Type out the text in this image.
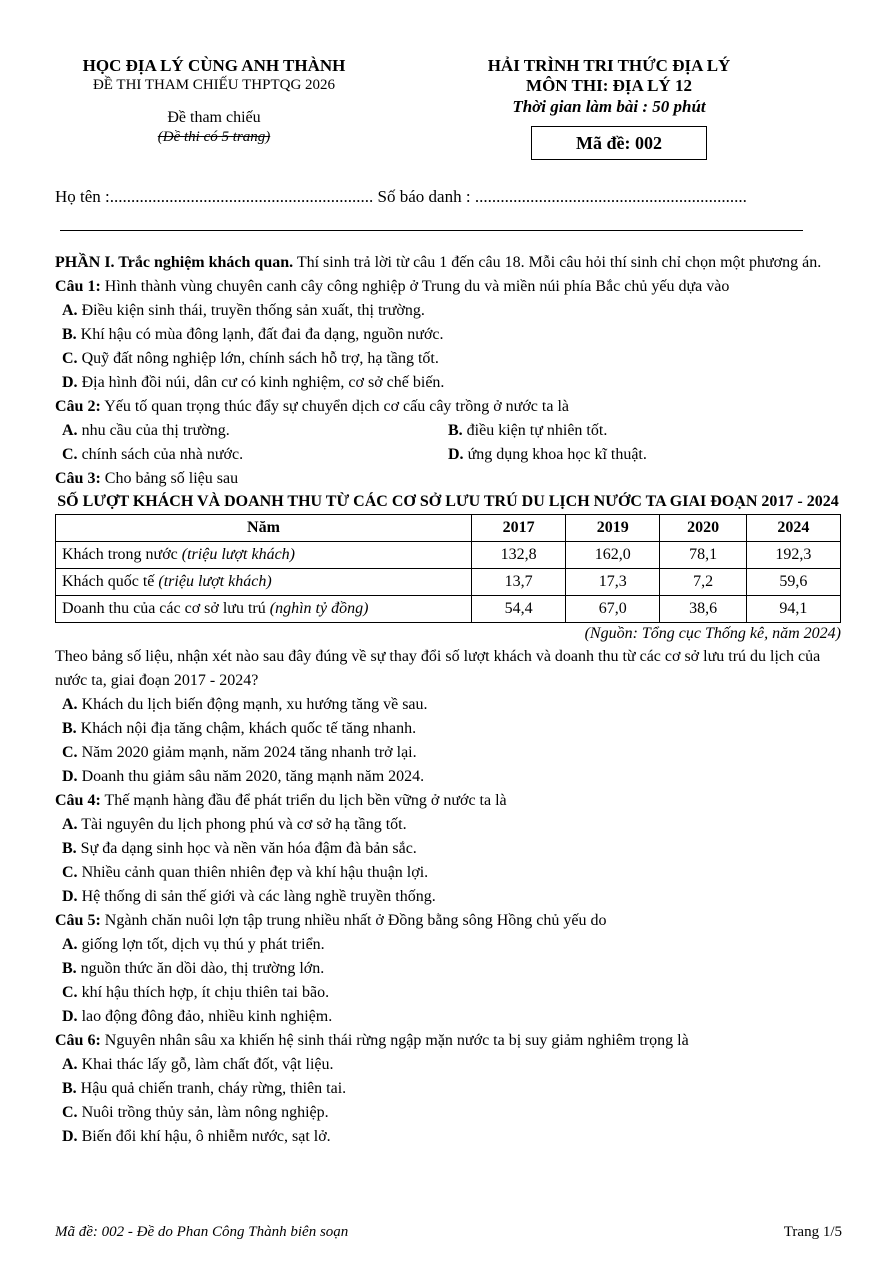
HỌC ĐỊA LÝ CÙNG ANH THÀNH
ĐỀ THI THAM CHIẾU THPTQG 2026
Đề tham chiếu
(Đề thi có 5 trang)
HẢI TRÌNH TRI THỨC ĐỊA LÝ
MÔN THI: ĐỊA LÝ 12
Thời gian làm bài : 50 phút
Mã đề: 002
Họ tên :.............................................................. Số báo danh : ................................................................

PHẦN I. Trắc nghiệm khách quan. Thí sinh trả lời từ câu 1 đến câu 18. Mỗi câu hỏi thí sinh chỉ chọn một phương án.

Câu 1: Hình thành vùng chuyên canh cây công nghiệp ở Trung du và miền núi phía Bắc chủ yếu dựa vào

A. Điều kiện sinh thái, truyền thống sản xuất, thị trường.
B. Khí hậu có mùa đông lạnh, đất đai đa dạng, nguồn nước.
C. Quỹ đất nông nghiệp lớn, chính sách hỗ trợ, hạ tầng tốt.
D. Địa hình đồi núi, dân cư có kinh nghiệm, cơ sở chế biến.

Câu 2: Yếu tố quan trọng thúc đẩy sự chuyển dịch cơ cấu cây trồng ở nước ta là

A. nhu cầu của thị trường.	B. điều kiện tự nhiên tốt.
C. chính sách của nhà nước.	D. ứng dụng khoa học kĩ thuật.

Câu 3: Cho bảng số liệu sau

SỐ LƯỢT KHÁCH VÀ DOANH THU TỪ CÁC CƠ SỞ LƯU TRÚ DU LỊCH NƯỚC TA GIAI ĐOẠN 2017 - 2024
Năm	2017	2019	2020	2024
Khách trong nước (triệu lượt khách)	132,8	162,0	78,1	192,3
Khách quốc tế (triệu lượt khách)	13,7	17,3	7,2	59,6
Doanh thu của các cơ sở lưu trú (nghìn tỷ đồng)	54,4	67,0	38,6	94,1
(Nguồn: Tổng cục Thống kê, năm 2024)

Theo bảng số liệu, nhận xét nào sau đây đúng về sự thay đổi số lượt khách và doanh thu từ các cơ sở lưu trú du lịch của nước ta, giai đoạn 2017 - 2024?

A. Khách du lịch biến động mạnh, xu hướng tăng về sau.
B. Khách nội địa tăng chậm, khách quốc tế tăng nhanh.
C. Năm 2020 giảm mạnh, năm 2024 tăng nhanh trở lại.
D. Doanh thu giảm sâu năm 2020, tăng mạnh năm 2024.

Câu 4: Thế mạnh hàng đầu để phát triển du lịch bền vững ở nước ta là

A. Tài nguyên du lịch phong phú và cơ sở hạ tầng tốt.
B. Sự đa dạng sinh học và nền văn hóa đậm đà bản sắc.
C. Nhiều cảnh quan thiên nhiên đẹp và khí hậu thuận lợi.
D. Hệ thống di sản thế giới và các làng nghề truyền thống.

Câu 5: Ngành chăn nuôi lợn tập trung nhiều nhất ở Đồng bằng sông Hồng chủ yếu do

A. giống lợn tốt, dịch vụ thú y phát triển.
B. nguồn thức ăn dồi dào, thị trường lớn.
C. khí hậu thích hợp, ít chịu thiên tai bão.
D. lao động đông đảo, nhiều kinh nghiệm.

Câu 6: Nguyên nhân sâu xa khiến hệ sinh thái rừng ngập mặn nước ta bị suy giảm nghiêm trọng là

A. Khai thác lấy gỗ, làm chất đốt, vật liệu.
B. Hậu quả chiến tranh, cháy rừng, thiên tai.
C. Nuôi trồng thủy sản, làm nông nghiệp.
D. Biến đổi khí hậu, ô nhiễm nước, sạt lở.
Mã đề: 002 - Đề do Phan Công Thành biên soạn	Trang 1/5
